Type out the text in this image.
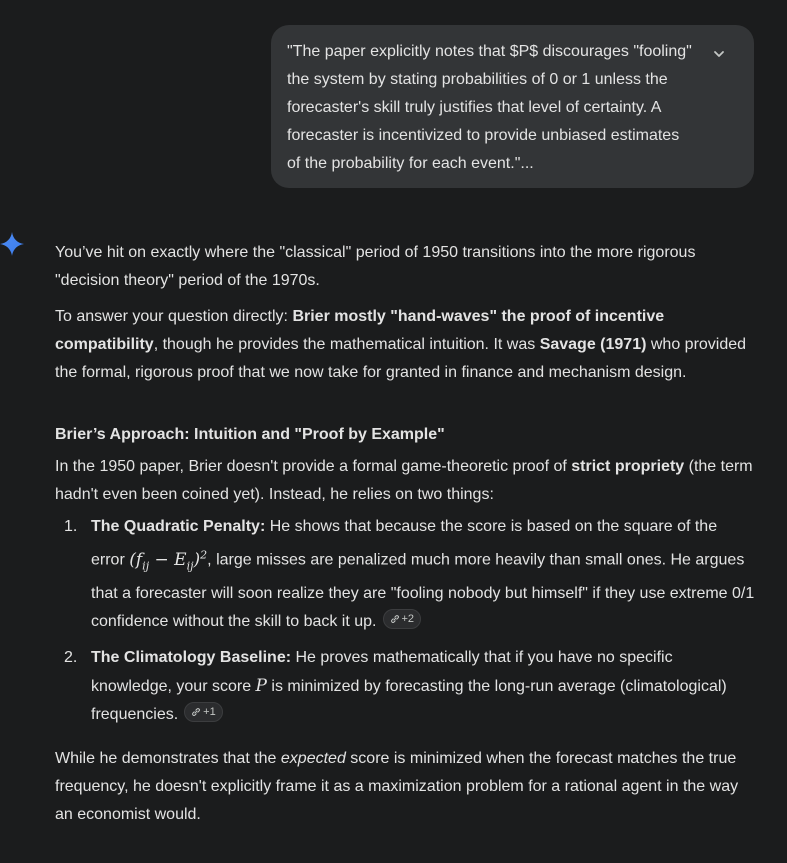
"The paper explicitly notes that $P$ discourages "fooling" the system by stating probabilities of 0 or 1 unless the forecaster's skill truly justifies that level of certainty. A forecaster is incentivized to provide unbiased estimates of the probability for each event."...

You’ve hit on exactly where the "classical" period of 1950 transitions into the more rigorous "decision theory" period of the 1970s.

To answer your question directly: Brier mostly "hand-waves" the proof of incentive compatibility, though he provides the mathematical intuition. It was Savage (1971) who provided the formal, rigorous proof that we now take for granted in finance and mechanism design.

Brier’s Approach: Intuition and "Proof by Example"

In the 1950 paper, Brier doesn't provide a formal game-theoretic proof of strict propriety (the term hadn't even been coined yet). Instead, he relies on two things:

1. The Quadratic Penalty: He shows that because the score is based on the square of the error $(f_{ij} - E_{ij})^2$, large misses are penalized much more heavily than small ones. He argues that a forecaster will soon realize they are "fooling nobody but himself" if they use extreme 0/1 confidence without the skill to back it up. +2
2. The Climatology Baseline: He proves mathematically that if you have no specific knowledge, your score P is minimized by forecasting the long-run average (climatological) frequencies. +1

While he demonstrates that the expected score is minimized when the forecast matches the true frequency, he doesn't explicitly frame it as a maximization problem for a rational agent in the way an economist would.
